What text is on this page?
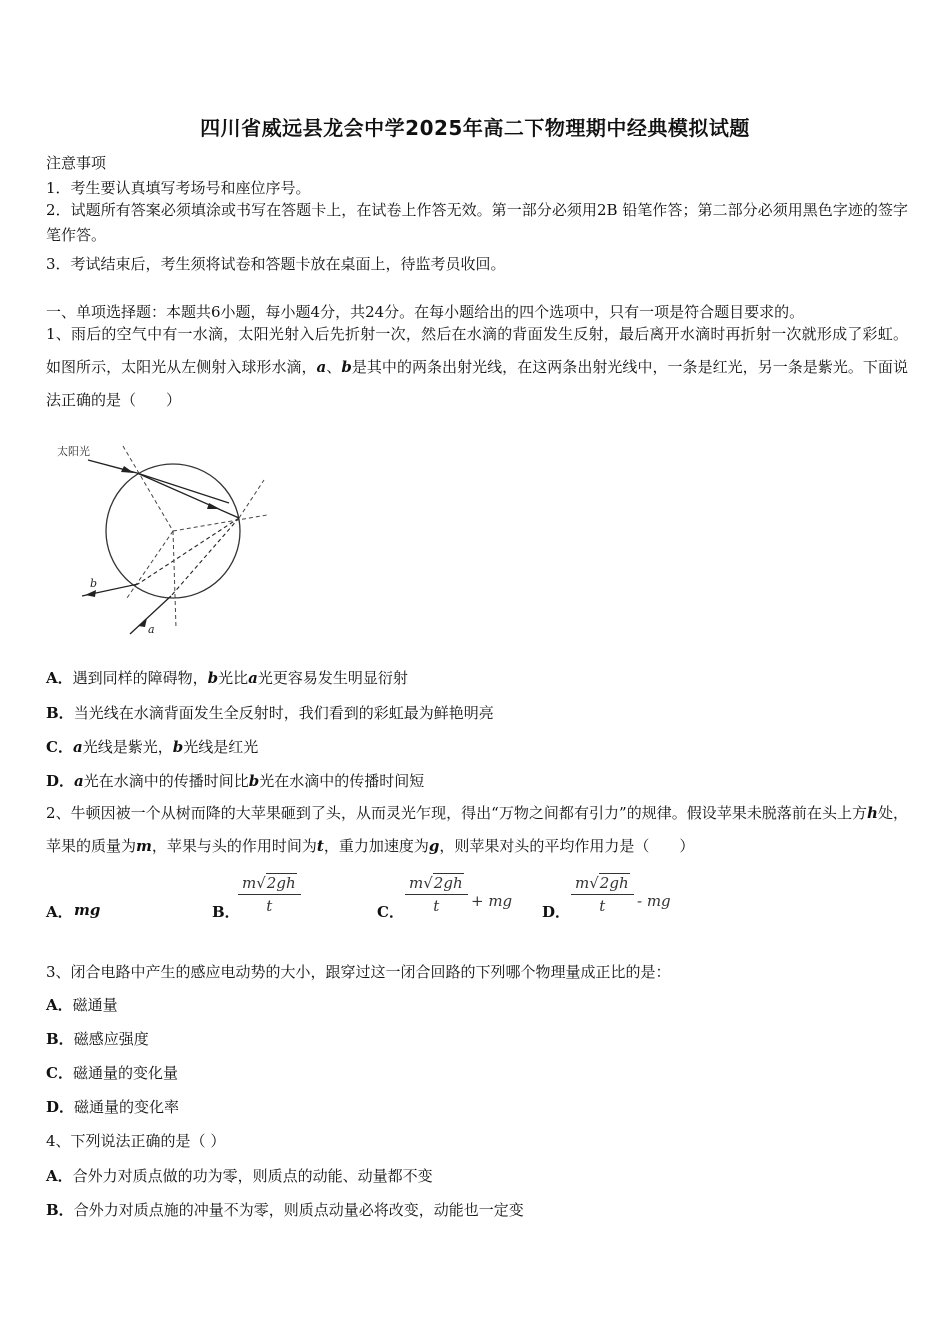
四川省威远县龙会中学2025年高二下物理期中经典模拟试题
注意事项
1．考生要认真填写考场号和座位序号。
2．试题所有答案必须填涂或书写在答题卡上，在试卷上作答无效。第一部分必须用2B 铅笔作答；第二部分必须用黑色字迹的签字笔作答。
3．考试结束后，考生须将试卷和答题卡放在桌面上，待监考员收回。
一、单项选择题：本题共6小题，每小题4分，共24分。在每小题给出的四个选项中，只有一项是符合题目要求的。
1、雨后的空气中有一水滴，太阳光射入后先折射一次，然后在水滴的背面发生反射，最后离开水滴时再折射一次就形成了彩虹。如图所示，太阳光从左侧射入球形水滴，a、b是其中的两条出射光线，在这两条出射光线中，一条是红光，另一条是紫光。下面说法正确的是（　　）
太阳光
b
a
A．遇到同样的障碍物，b光比a光更容易发生明显衍射
B．当光线在水滴背面发生全反射时，我们看到的彩虹最为鲜艳明亮
C．a光线是紫光，b光线是红光
D．a光在水滴中的传播时间比b光在水滴中的传播时间短
2、牛顿因被一个从树而降的大苹果砸到了头，从而灵光乍现，得出“万物之间都有引力”的规律。假设苹果未脱落前在头上方h处，苹果的质量为m，苹果与头的作用时间为t，重力加速度为g，则苹果对头的平均作用力是（　　）
A． mg	B．
$\frac{m√2gh}{t}$	C． $\frac{m√2gh}{t}$ + mg
D． $\frac{m√2gh}{t}$ - mg
3、闭合电路中产生的感应电动势的大小，跟穿过这一闭合回路的下列哪个物理量成正比的是：
A．磁通量
B．磁感应强度
C．磁通量的变化量
D．磁通量的变化率
4、下列说法正确的是（ ）
A．合外力对质点做的功为零，则质点的动能、动量都不变
B．合外力对质点施的冲量不为零，则质点动量必将改变，动能也一定变
